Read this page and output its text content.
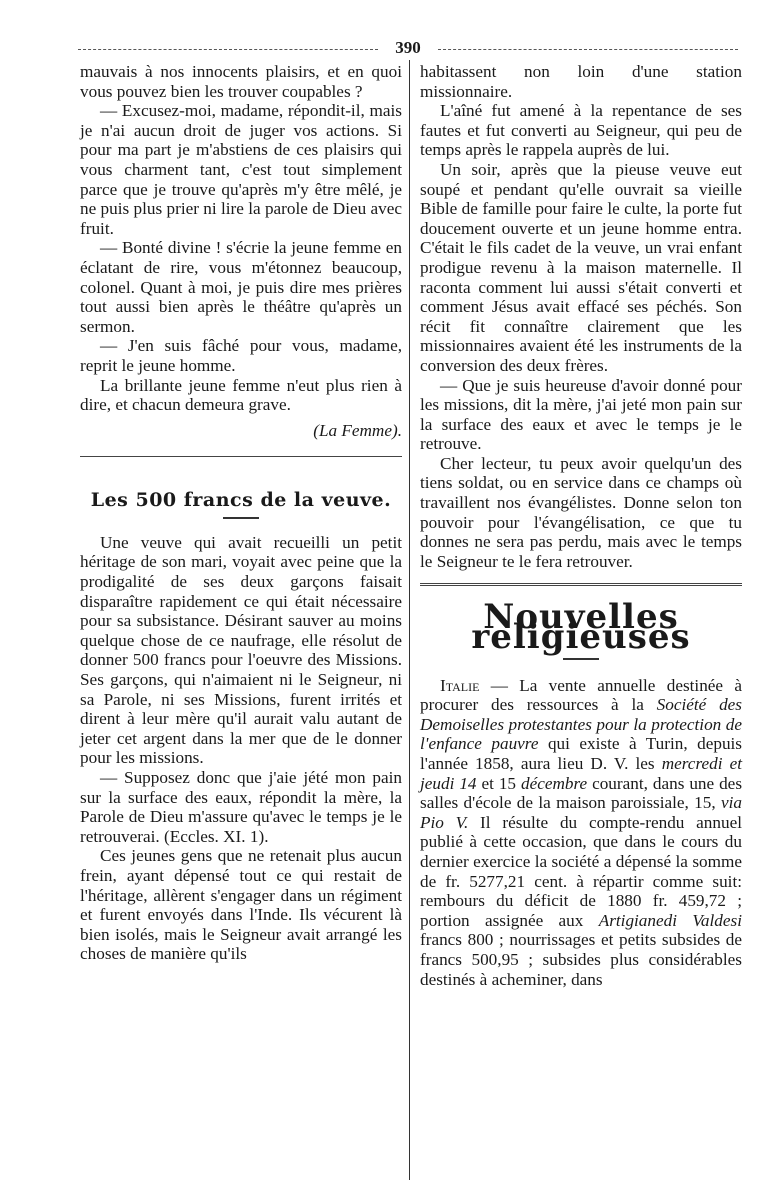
390

mauvais à nos innocents plaisirs, et en quoi vous pouvez bien les trouver coupables ?

— Excusez-moi, madame, répondit-il, mais je n'ai aucun droit de juger vos actions. Si pour ma part je m'abstiens de ces plaisirs qui vous charment tant, c'est tout simplement parce que je trouve qu'après m'y être mêlé, je ne puis plus prier ni lire la parole de Dieu avec fruit.

— Bonté divine ! s'écrie la jeune femme en éclatant de rire, vous m'étonnez beaucoup, colonel. Quant à moi, je puis dire mes prières tout aussi bien après le théâtre qu'après un sermon.

— J'en suis fâché pour vous, madame, reprit le jeune homme.

La brillante jeune femme n'eut plus rien à dire, et chacun demeura grave.

(La Femme).

Les 500 francs de la veuve.

Une veuve qui avait recueilli un petit héritage de son mari, voyait avec peine que la prodigalité de ses deux garçons faisait disparaître rapidement ce qui était nécessaire pour sa subsistance. Désirant sauver au moins quelque chose de ce naufrage, elle résolut de donner 500 francs pour l'oeuvre des Missions. Ses garçons, qui n'aimaient ni le Seigneur, ni sa Parole, ni ses Missions, furent irrités et dirent à leur mère qu'il aurait valu autant de jeter cet argent dans la mer que de le donner pour les missions.

— Supposez donc que j'aie jété mon pain sur la surface des eaux, répondit la mère, la Parole de Dieu m'assure qu'avec le temps je le retrouverai. (Eccles. XI. 1).

Ces jeunes gens que ne retenait plus aucun frein, ayant dépensé tout ce qui restait de l'héritage, allèrent s'engager dans un régiment et furent envoyés dans l'Inde. Ils vécurent là bien isolés, mais le Seigneur avait arrangé les choses de manière qu'ils

habitassent non loin d'une station missionnaire.

L'aîné fut amené à la repentance de ses fautes et fut converti au Seigneur, qui peu de temps après le rappela auprès de lui.

Un soir, après que la pieuse veuve eut soupé et pendant qu'elle ouvrait sa vieille Bible de famille pour faire le culte, la porte fut doucement ouverte et un jeune homme entra. C'était le fils cadet de la veuve, un vrai enfant prodigue revenu à la maison maternelle. Il raconta comment lui aussi s'était converti et comment Jésus avait effacé ses péchés. Son récit fit connaître clairement que les missionnaires avaient été les instruments de la conversion des deux frères.

— Que je suis heureuse d'avoir donné pour les missions, dit la mère, j'ai jeté mon pain sur la surface des eaux et avec le temps je le retrouve.

Cher lecteur, tu peux avoir quelqu'un des tiens soldat, ou en service dans ce champs où travaillent nos évangélistes. Donne selon ton pouvoir pour l'évangélisation, ce que tu donnes ne sera pas perdu, mais avec le temps le Seigneur te le fera retrouver.

Nouvelles religieuses

Italie — La vente annuelle destinée à procurer des ressources à la Société des Demoiselles protestantes pour la protection de l'enfance pauvre qui existe à Turin, depuis l'année 1858, aura lieu D. V. les mercredi et jeudi 14 et 15 décembre courant, dans une des salles d'école de la maison paroissiale, 15, via Pio V. Il résulte du compte-rendu annuel publié à cette occasion, que dans le cours du dernier exercice la société a dépensé la somme de fr. 5277,21 cent. à répartir comme suit: rembours du déficit de 1880 fr. 459,72 ; portion assignée aux Artigianedi Valdesi francs 800 ; nourrissages et petits subsides de francs 500,95 ; subsides plus considérables destinés à acheminer, dans
